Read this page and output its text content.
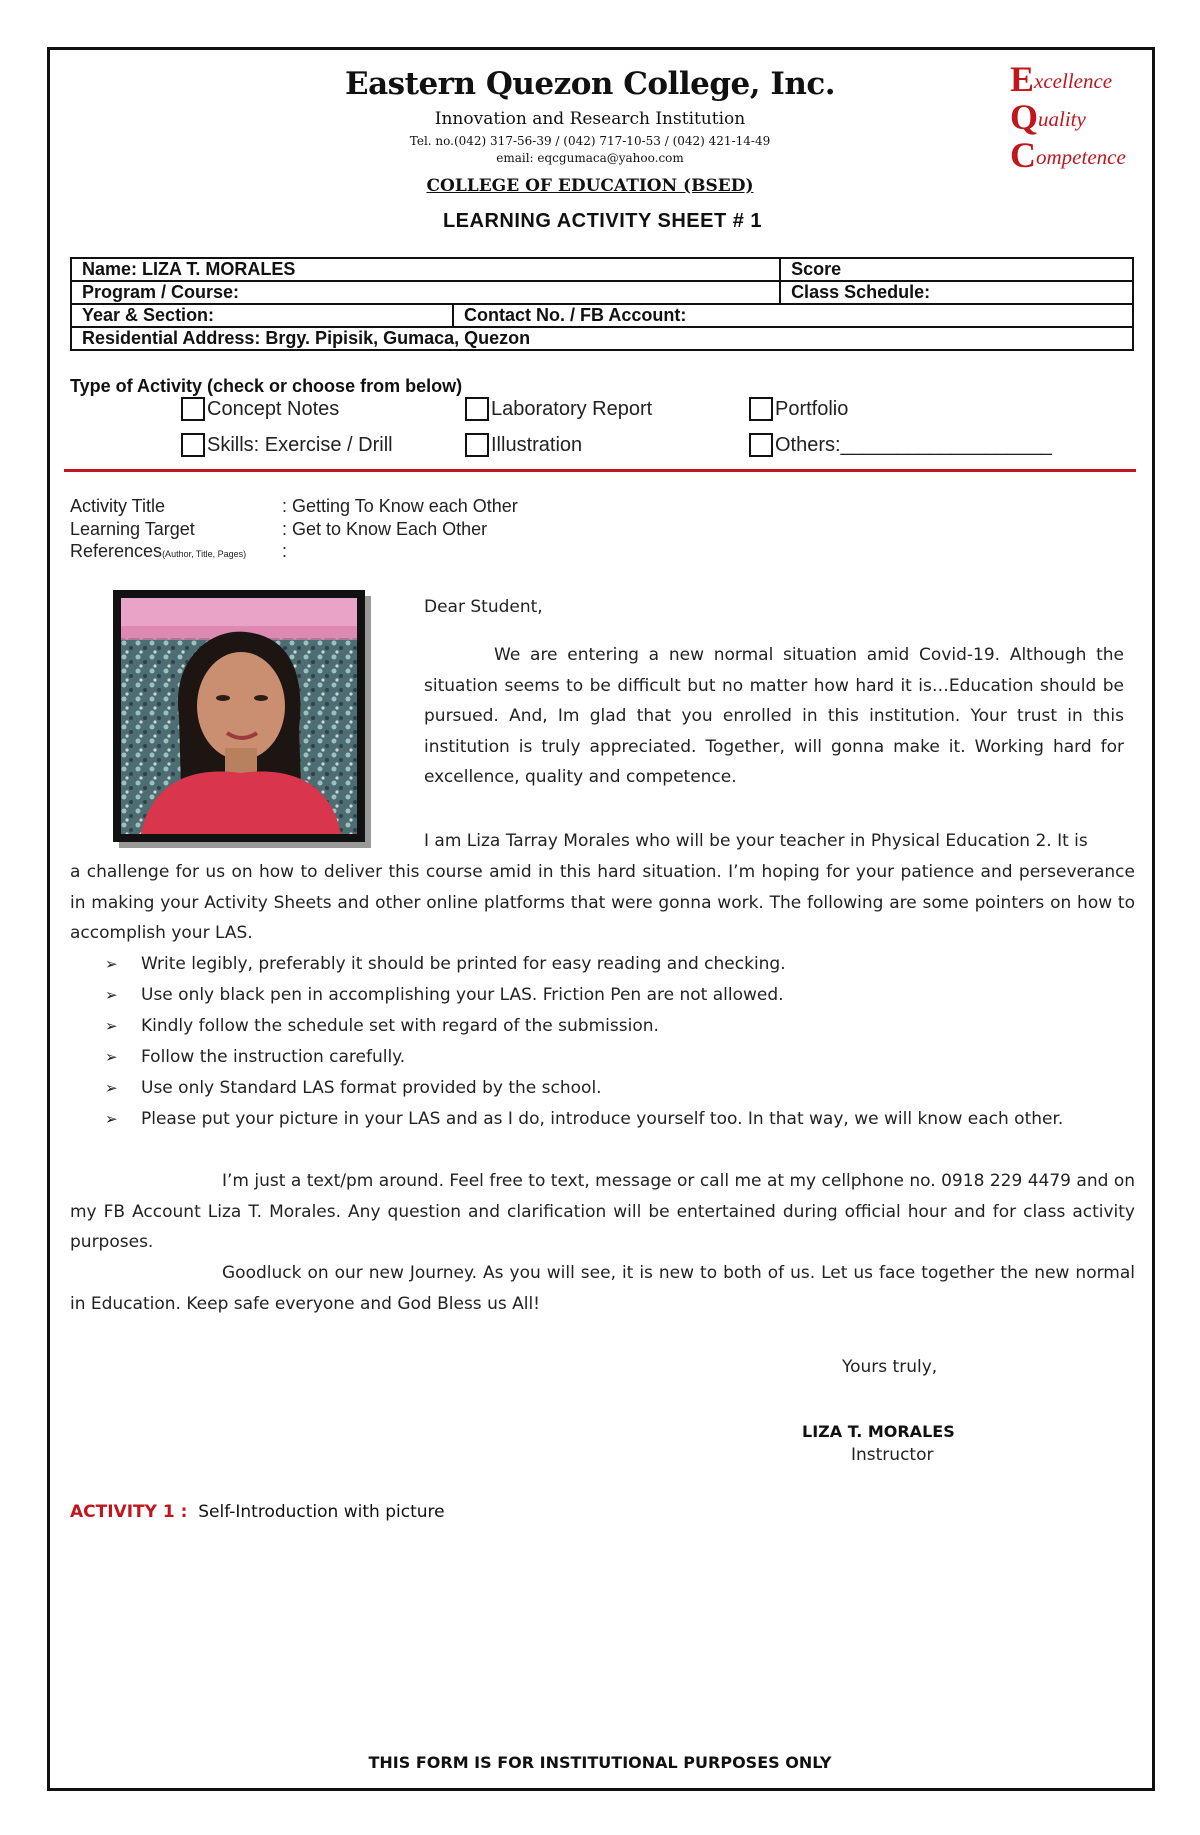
Eastern Quezon College, Inc.
Innovation and Research Institution
Tel. no.(042) 317-56-39 / (042) 717-10-53 / (042) 421-14-49
email: eqcgumaca@yahoo.com
COLLEGE OF EDUCATION (BSED)
LEARNING ACTIVITY SHEET # 1
Excellence
Quality
Competence
Name: LIZA T. MORALES		Score
Program / Course:		Class Schedule:
Year & Section:	Contact No. / FB Account:	
Residential Address: Brgy. Pipisik, Gumaca, Quezon		
Type of Activity (check or choose from below)
Concept Notes	Laboratory Report	Portfolio
Skills: Exercise / Drill	Illustration	Others:___________________
Activity Title	: Getting To Know each Other
Learning Target	: Get to Know Each Other
References(Author, Title, Pages) :
Dear Student,
We are entering a new normal situation amid Covid-19. Although the situation seems to be difficult but no matter how hard it is…Education should be pursued. And, Im glad that you enrolled in this institution. Your trust in this institution is truly appreciated. Together, will gonna make it. Working hard for excellence, quality and competence.
I am Liza Tarray Morales who will be your teacher in Physical Education 2. It is
a challenge for us on how to deliver this course amid in this hard situation. I’m hoping for your patience and perseverance in making your Activity Sheets and other online platforms that were gonna work. The following are some pointers on how to accomplish your LAS.
➢ Write legibly, preferably it should be printed for easy reading and checking.
➢ Use only black pen in accomplishing your LAS. Friction Pen are not allowed.
➢ Kindly follow the schedule set with regard of the submission.
➢ Follow the instruction carefully.
➢ Use only Standard LAS format provided by the school.
➢ Please put your picture in your LAS and as I do, introduce yourself too. In that way, we will know each other.
I’m just a text/pm around. Feel free to text, message or call me at my cellphone no. 0918 229 4479 and on my FB Account Liza T. Morales. Any question and clarification will be entertained during official hour and for class activity purposes.
Goodluck on our new Journey. As you will see, it is new to both of us. Let us face together the new normal in Education. Keep safe everyone and God Bless us All!
Yours truly,
LIZA T. MORALES
Instructor
ACTIVITY 1 : Self-Introduction with picture
THIS FORM IS FOR INSTITUTIONAL PURPOSES ONLY
